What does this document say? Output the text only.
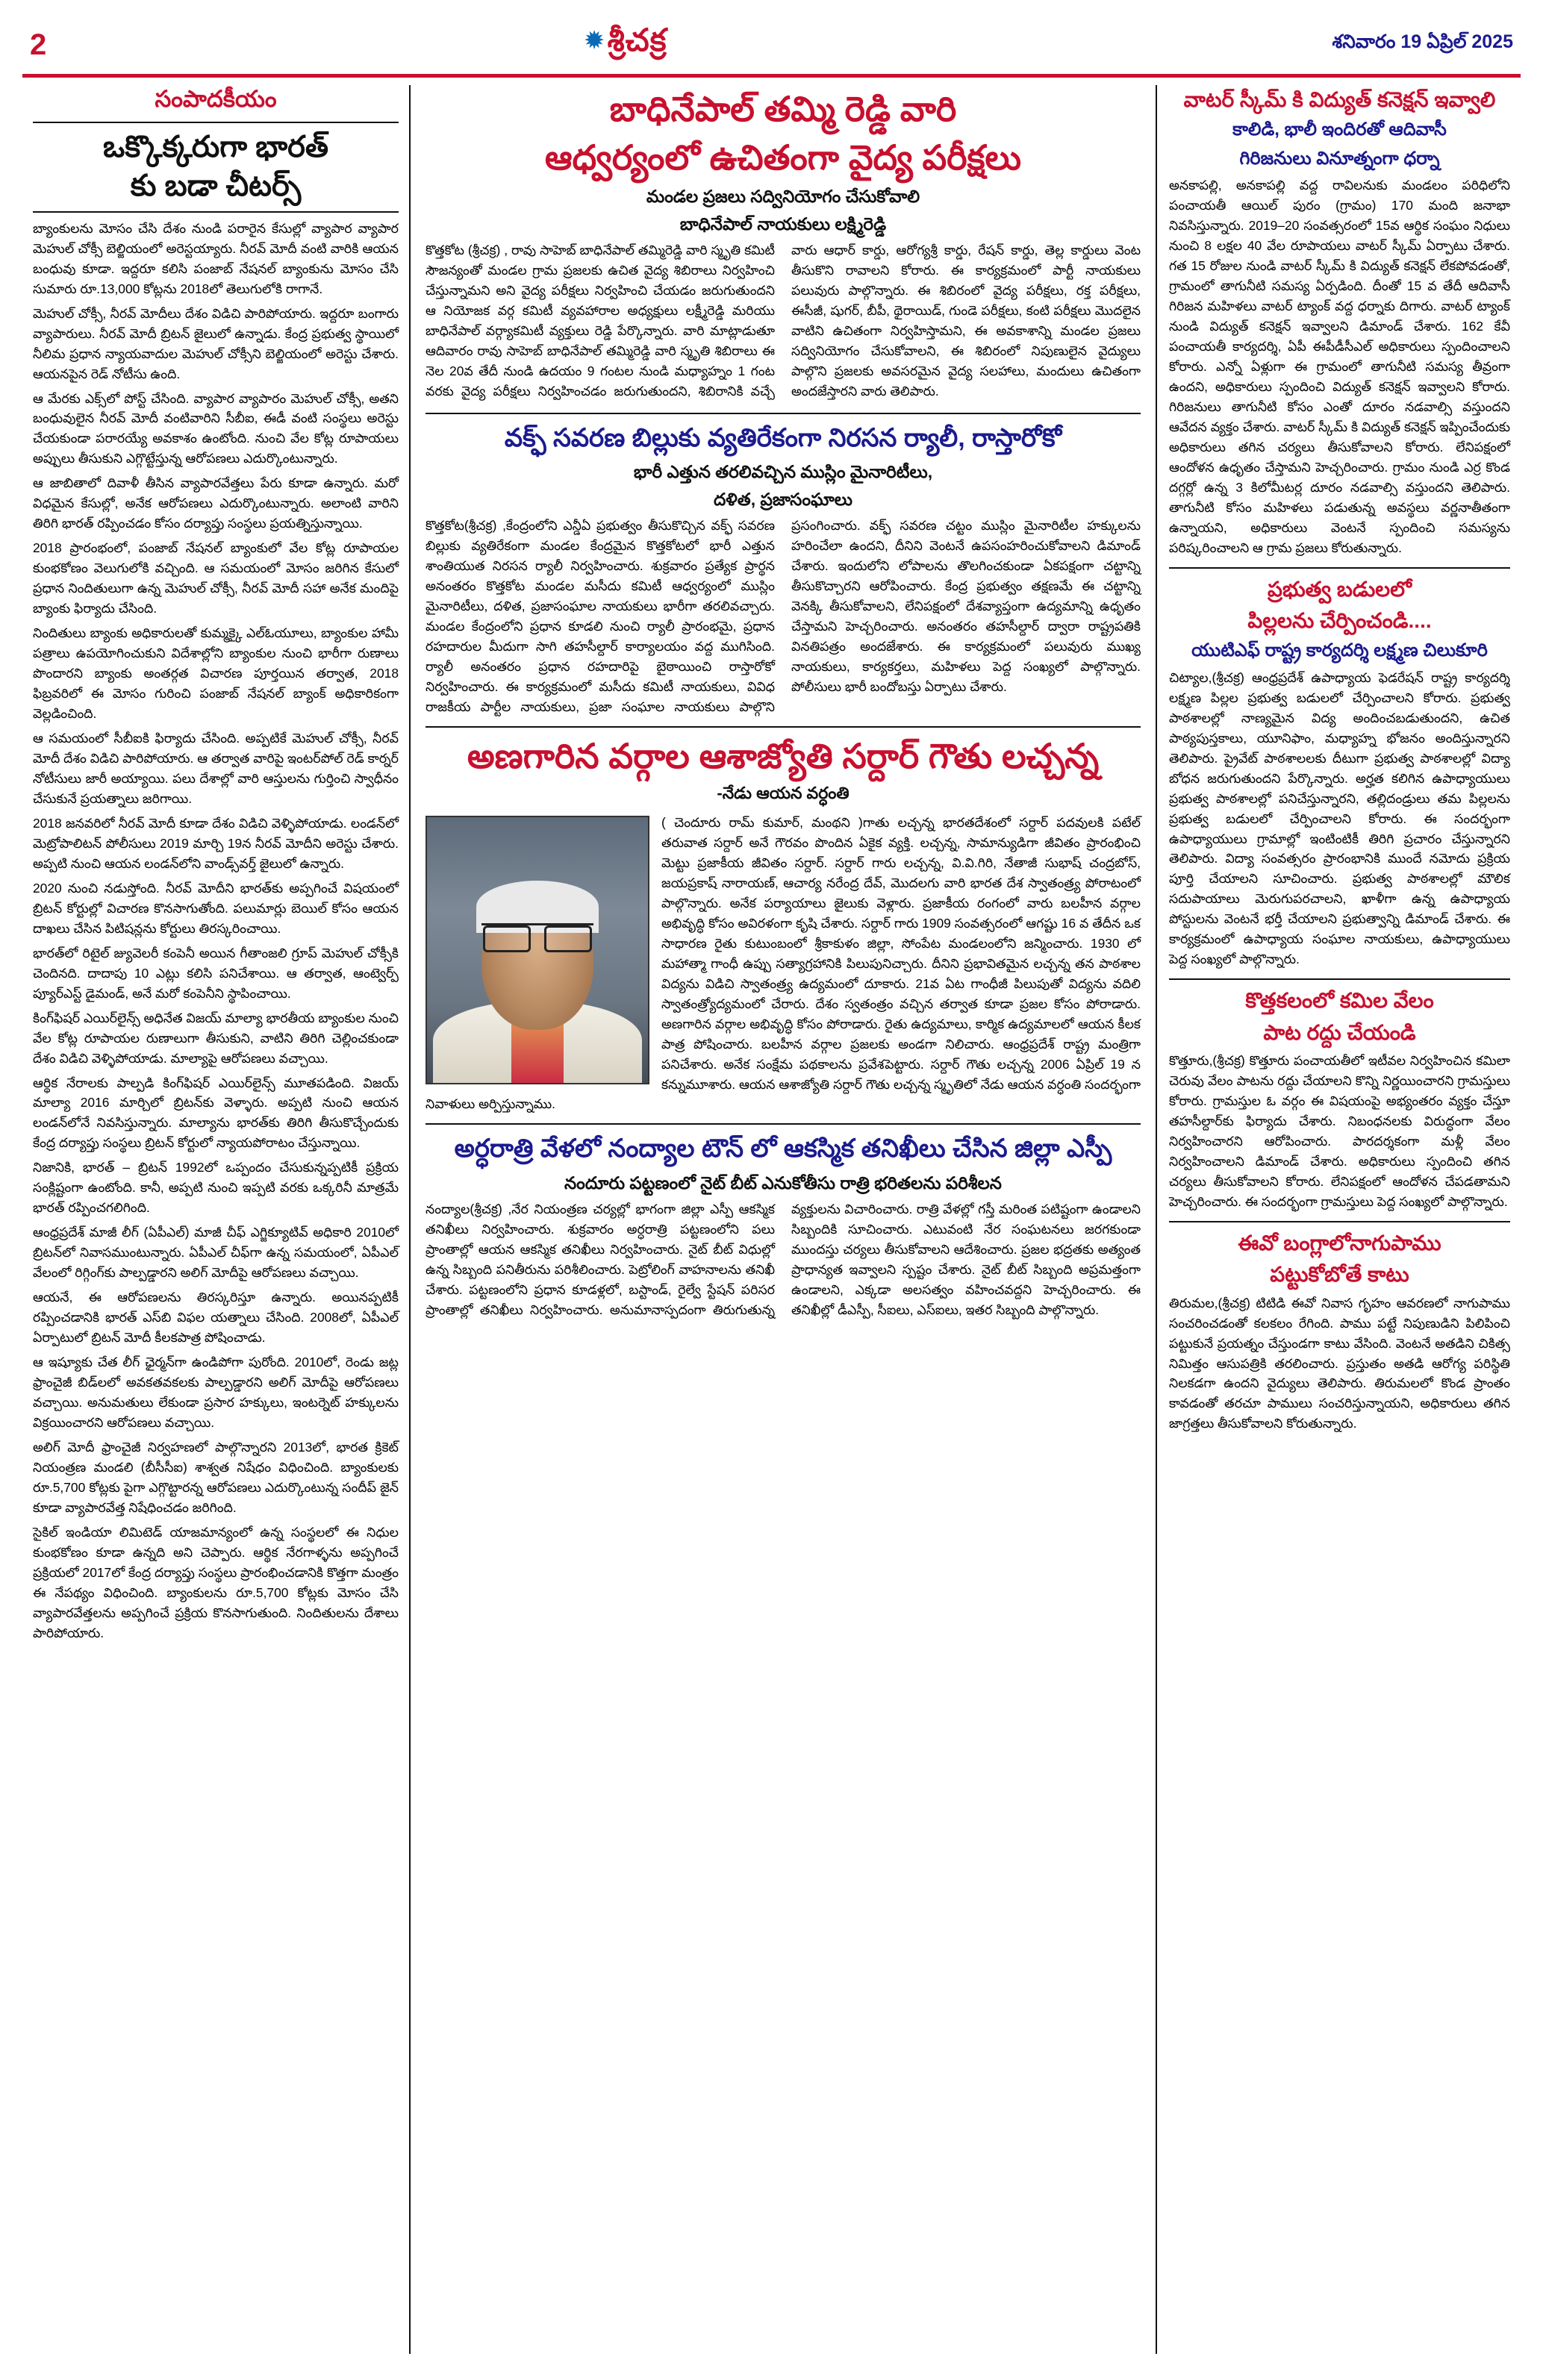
2	✹శ్రీచక్ర	శనివారం 19 ఏప్రిల్ 2025
సంపాదకీయం
ఒక్కొక్కరుగా భారత్
కు బడా చీటర్స్

బ్యాంకులను మోసం చేసి దేశం నుండి పరారైన కేసుల్లో వ్యాపార వ్యాపార మెహుల్ చోక్సీ బెల్జియంలో అరెస్టయ్యారు. నీరవ్ మోదీ వంటి వారికి ఆయన బంధువు కూడా. ఇద్దరూ కలిసి పంజాబ్ నేషనల్ బ్యాంకును మోసం చేసి సుమారు రూ.13,000 కోట్లను 2018లో తెలుగులోకి రాగానే.

మెహుల్ చోక్సీ, నీరవ్ మోదీలు దేశం విడిచి పారిపోయారు. ఇద్దరూ బంగారు వ్యాపారులు. నీరవ్ మోదీ బ్రిటన్ జైలులో ఉన్నాడు. కేంద్ర ప్రభుత్వ స్థాయిలో నీలిమ ప్రధాన న్యాయవాదుల మెహుల్ చోక్సీని బెల్జియంలో అరెస్టు చేశారు. ఆయనపైన రెడ్ నోటీసు ఉంది.

ఆ మేరకు ఎక్స్‌లో పోస్ట్ చేసింది. వ్యాపార వ్యాపారం మెహుల్ చోక్సీ, అతని బంధువులైన నీరవ్ మోదీ వంటివారిని సీబీఐ, ఈడీ వంటి సంస్థలు అరెస్టు చేయకుండా పరారయ్యే అవకాశం ఉంటోంది. నుంచి వేల కోట్ల రూపాయలు అప్పులు తీసుకుని ఎగ్గొట్టేస్తున్న ఆరోపణలు ఎదుర్కొంటున్నారు.

ఆ జాబితాలో దివాళీ తీసిన వ్యాపారవేత్తలు పేరు కూడా ఉన్నారు. మరో విధమైన కేసుల్లో, అనేక ఆరోపణలు ఎదుర్కొంటున్నారు. అలాంటి వారిని తిరిగి భారత్ రప్పించడం కోసం దర్యాప్తు సంస్థలు ప్రయత్నిస్తున్నాయి.

2018 ప్రారంభంలో, పంజాబ్ నేషనల్ బ్యాంకులో వేల కోట్ల రూపాయల కుంభకోణం వెలుగులోకి వచ్చింది. ఆ సమయంలో మోసం జరిగిన కేసులో ప్రధాన నిందితులుగా ఉన్న మెహుల్ చోక్సీ, నీరవ్ మోదీ సహా అనేక మందిపై బ్యాంకు ఫిర్యాదు చేసింది.

నిందితులు బ్యాంకు అధికారులతో కుమ్మక్కై ఎల్‌ఓయూలు, బ్యాంకుల హామీ పత్రాలు ఉపయోగించుకుని విదేశాల్లోని బ్యాంకుల నుంచి భారీగా రుణాలు పొందారని బ్యాంకు అంతర్గత విచారణ పూర్తయిన తర్వాత, 2018 ఫిబ్రవరిలో ఈ మోసం గురించి పంజాబ్ నేషనల్ బ్యాంక్ అధికారికంగా వెల్లడించింది.

ఆ సమయంలో సీబీఐకి ఫిర్యాదు చేసింది. అప్పటికే మెహుల్ చోక్సీ, నీరవ్ మోదీ దేశం విడిచి పారిపోయారు. ఆ తర్వాత వారిపై ఇంటర్‌పోల్ రెడ్ కార్నర్ నోటీసులు జారీ అయ్యాయి. పలు దేశాల్లో వారి ఆస్తులను గుర్తించి స్వాధీనం చేసుకునే ప్రయత్నాలు జరిగాయి.

2018 జనవరిలో నీరవ్ మోదీ కూడా దేశం విడిచి వెళ్ళిపోయాడు. లండన్‌లో మెట్రోపాలిటన్ పోలీసులు 2019 మార్చి 19న నీరవ్ మోదీని అరెస్టు చేశారు. అప్పటి నుంచి ఆయన లండన్‌లోని వాండ్స్‌వర్త్ జైలులో ఉన్నారు.

2020 నుంచి నడుస్తోంది. నీరవ్ మోదీని భారత్‌కు అప్పగించే విషయంలో బ్రిటన్ కోర్టుల్లో విచారణ కొనసాగుతోంది. పలుమార్లు బెయిల్ కోసం ఆయన దాఖలు చేసిన పిటిషన్లను కోర్టులు తిరస్కరించాయి.

భారత్‌లో రిటైల్ జ్యువెలరీ కంపెనీ అయిన గీతాంజలి గ్రూప్ మెహుల్ చోక్సీకి చెందినది. దాదాపు 10 ఎట్లు కలిసి పనిచేశాయి. ఆ తర్వాత, ఆంట్వెర్ప్ ప్యూర్ఎస్ట్ డైమండ్, అనే మరో కంపెనీని స్థాపించాయి.

కింగ్‌ఫిషర్ ఎయిర్‌లైన్స్ అధినేత విజయ్ మాల్యా భారతీయ బ్యాంకుల నుంచి వేల కోట్ల రూపాయల రుణాలుగా తీసుకుని, వాటిని తిరిగి చెల్లించకుండా దేశం విడిచి వెళ్ళిపోయాడు. మాల్యాపై ఆరోపణలు వచ్చాయి.

ఆర్థిక నేరాలకు పాల్పడి కింగ్‌ఫిషర్ ఎయిర్‌లైన్స్ మూతపడింది. విజయ్ మాల్యా 2016 మార్చిలో బ్రిటన్‌కు వెళ్ళారు. అప్పటి నుంచి ఆయన లండన్‌లోనే నివసిస్తున్నారు. మాల్యాను భారత్‌కు తిరిగి తీసుకొచ్చేందుకు కేంద్ర దర్యాప్తు సంస్థలు బ్రిటన్ కోర్టులో న్యాయపోరాటం చేస్తున్నాయి.

నిజానికి, భారత్ – బ్రిటన్ 1992లో ఒప్పందం చేసుకున్నప్పటికీ ప్రక్రియ సంక్లిష్టంగా ఉంటోంది. కానీ, అప్పటి నుంచి ఇప్పటి వరకు ఒక్కరినీ మాత్రమే భారత్ రప్పించగలిగింది.

ఆంధ్రప్రదేశ్ మాజీ లీగ్ (ఏపీఎల్) మాజీ చీఫ్ ఎగ్జిక్యూటివ్ అధికారి 2010లో బ్రిటన్‌లో నివాసముంటున్నారు. ఏపీఎల్ చీఫ్‌గా ఉన్న సమయంలో, ఏపీఎల్ వేలంలో రిగ్గింగ్‌కు పాల్పడ్డారని అలిగ్ మోదీపై ఆరోపణలు వచ్చాయి.

ఆయనే, ఈ ఆరోపణలను తిరస్కరిస్తూ ఉన్నారు. అయినప్పటికీ రప్పించడానికి భారత్ ఎస్‌బి విఫల యత్నాలు చేసింది. 2008లో, ఏపీఎల్ ఏర్పాటులో బ్రిటన్ మోదీ కీలకపాత్ర పోషించాడు.

ఆ ఇష్యూకు చేత లీగ్ ఛైర్మన్‌గా ఉండిపోగా పురోంది. 2010లో, రెండు జట్ల ఫ్రాంచైజీ బిడ్‌లలో అవకతవకలకు పాల్పడ్డారని అలిగ్ మోదీపై ఆరోపణలు వచ్చాయి. అనుమతులు లేకుండా ప్రసార హక్కులు, ఇంటర్నెట్ హక్కులను విక్రయించారని ఆరోపణలు వచ్చాయి.

అలిగ్ మోదీ ఫ్రాంచైజీ నిర్వహణలో పాల్గొన్నారని 2013లో, భారత క్రికెట్ నియంత్రణ మండలి (బీసీసీఐ) శాశ్వత నిషేధం విధించింది. బ్యాంకులకు రూ.5,700 కోట్లకు పైగా ఎగ్గొట్టారన్న ఆరోపణలు ఎదుర్కొంటున్న సందీప్ జైన్ కూడా వ్యాపారవేత్త నిషేధించడం జరిగింది.

సైకిల్ ఇండియా లిమిటెడ్ యాజమాన్యంలో ఉన్న సంస్థలలో ఈ నిధుల కుంభకోణం కూడా ఉన్నది అని చెప్పారు. ఆర్థిక నేరగాళ్ళను అప్పగించే ప్రక్రియలో 2017లో కేంద్ర దర్యాప్తు సంస్థలు ప్రారంభించడానికి కొత్తగా మంత్రం ఈ నేపథ్యం విధించింది. బ్యాంకులను రూ.5,700 కోట్లకు మోసం చేసి వ్యాపారవేత్తలను అప్పగించే ప్రక్రియ కొనసాగుతుంది. నిందితులను దేశాలు పారిపోయారు.

బాధినేపాల్ తమ్మి రెడ్డి వారి
ఆధ్వర్యంలో ఉచితంగా వైద్య పరీక్షలు
మండల ప్రజలు సద్వినియోగం చేసుకోవాలి
బాధినేపాల్ నాయకులు లక్ష్మిరెడ్డి

కొత్తకోట (శ్రీచక్ర) , రావు సాహెబ్ బాధినేపాల్ తమ్మిరెడ్డి వారి స్మృతి కమిటీ సౌజన్యంతో మండల గ్రామ ప్రజలకు ఉచిత వైద్య శిబిరాలు నిర్వహించి చేస్తున్నామని అని వైద్య పరీక్షలు నిర్వహించి చేయడం జరుగుతుందని ఆ నియోజక వర్గ కమిటీ వ్యవహారాల అధ్యక్షులు లక్ష్మీరెడ్డి మరియు బాధినేపాల్ వర్గ్యాకమిటీ వ్యక్తులు రెడ్డి పేర్కొన్నారు. వారి మాట్లాడుతూ ఆదివారం రావు సాహెబ్ బాధినేపాల్ తమ్మిరెడ్డి వారి స్మృతి శిబిరాలు ఈ నెల 20వ తేదీ నుండి ఉదయం 9 గంటల నుండి మధ్యాహ్నం 1 గంట వరకు వైద్య పరీక్షలు నిర్వహించడం జరుగుతుందని, శిబిరానికి వచ్చే వారు ఆధార్ కార్డు, ఆరోగ్యశ్రీ కార్డు, రేషన్ కార్డు, తెల్ల కార్డులు వెంట తీసుకొని రావాలని కోరారు. ఈ కార్యక్రమంలో పార్టీ నాయకులు పలువురు పాల్గొన్నారు. ఈ శిబిరంలో వైద్య పరీక్షలు, రక్త పరీక్షలు, ఈసీజీ, షుగర్, బీపీ, థైరాయిడ్, గుండె పరీక్షలు, కంటి పరీక్షలు మొదలైన వాటిని ఉచితంగా నిర్వహిస్తామని, ఈ అవకాశాన్ని మండల ప్రజలు సద్వినియోగం చేసుకోవాలని, ఈ శిబిరంలో నిపుణులైన వైద్యులు పాల్గొని ప్రజలకు అవసరమైన వైద్య సలహాలు, మందులు ఉచితంగా అందజేస్తారని వారు తెలిపారు.

వక్ఫ్ సవరణ బిల్లుకు వ్యతిరేకంగా నిరసన ర్యాలీ, రాస్తారోకో
భారీ ఎత్తున తరలివచ్చిన ముస్లిం మైనారిటీలు,
దళిత, ప్రజాసంఘాలు

కొత్తకోట(శ్రీచక్ర) ,కేంద్రంలోని ఎన్డీఏ ప్రభుత్వం తీసుకొచ్చిన వక్ఫ్ సవరణ బిల్లుకు వ్యతిరేకంగా మండల కేంద్రమైన కొత్తకోటలో భారీ ఎత్తున శాంతియుత నిరసన ర్యాలీ నిర్వహించారు. శుక్రవారం ప్రత్యేక ప్రార్థన అనంతరం కొత్తకోట మండల మసీదు కమిటీ ఆధ్వర్యంలో ముస్లిం మైనారిటీలు, దళిత, ప్రజాసంఘాల నాయకులు భారీగా తరలివచ్చారు. మండల కేంద్రంలోని ప్రధాన కూడలి నుంచి ర్యాలీ ప్రారంభమై, ప్రధాన రహదారుల మీదుగా సాగి తహసీల్దార్ కార్యాలయం వద్ద ముగిసింది. ర్యాలీ అనంతరం ప్రధాన రహదారిపై బైఠాయించి రాస్తారోకో నిర్వహించారు. ఈ కార్యక్రమంలో మసీదు కమిటీ నాయకులు, వివిధ రాజకీయ పార్టీల నాయకులు, ప్రజా సంఘాల నాయకులు పాల్గొని ప్రసంగించారు. వక్ఫ్ సవరణ చట్టం ముస్లిం మైనారిటీల హక్కులను హరించేలా ఉందని, దీనిని వెంటనే ఉపసంహరించుకోవాలని డిమాండ్ చేశారు. ఇందులోని లోపాలను తొలగించకుండా ఏకపక్షంగా చట్టాన్ని తీసుకొచ్చారని ఆరోపించారు. కేంద్ర ప్రభుత్వం తక్షణమే ఈ చట్టాన్ని వెనక్కి తీసుకోవాలని, లేనిపక్షంలో దేశవ్యాప్తంగా ఉద్యమాన్ని ఉధృతం చేస్తామని హెచ్చరించారు. అనంతరం తహసీల్దార్ ద్వారా రాష్ట్రపతికి వినతిపత్రం అందజేశారు. ఈ కార్యక్రమంలో పలువురు ముఖ్య నాయకులు, కార్యకర్తలు, మహిళలు పెద్ద సంఖ్యలో పాల్గొన్నారు. పోలీసులు భారీ బందోబస్తు ఏర్పాటు చేశారు.

అణగారిన వర్గాల ఆశాజ్యోతి సర్దార్ గౌతు లచ్చన్న
-నేడు ఆయన వర్ధంతి

( చెందూరు రామ్ కుమార్, మంథని )గాతు లచ్చన్న భారతదేశంలో సర్దార్ పదవులకి పటేల్ తరువాత సర్దార్ అనే గౌరవం పొందిన ఏకైక వ్యక్తి. లచ్చన్న, సామాన్యుడిగా జీవితం ప్రారంభించి మెట్టు ప్రజాకీయ జీవితం సర్దార్. సర్దార్ గారు లచ్చన్న, వి.వి.గిరి, నేతాజీ సుభాష్ చంద్రబోస్, జయప్రకాష్ నారాయణ్, ఆచార్య నరేంద్ర దేవ్, మొదలగు వారి భారత దేశ స్వాతంత్ర్య పోరాటంలో పాల్గొన్నారు. అనేక పర్యాయాలు జైలుకు వెళ్లారు. ప్రజాకీయ రంగంలో వారు బలహీన వర్గాల అభివృద్ధి కోసం అవిరళంగా కృషి చేశారు. సర్దార్ గారు 1909 సంవత్సరంలో ఆగష్టు 16 వ తేదీన ఒక సాధారణ రైతు కుటుంబంలో శ్రీకాకుళం జిల్లా, సోంపేట మండలంలోని జన్మించారు. 1930 లో మహాత్మా గాంధీ ఉప్పు సత్యాగ్రహానికి పిలుపునిచ్చారు. దీనిని ప్రభావితమైన లచ్చన్న తన పాఠశాల విద్యను విడిచి స్వాతంత్ర్య ఉద్యమంలో దూకారు. 21వ ఏట గాంధీజీ పిలుపుతో విద్యను వదిలి స్వాతంత్ర్యోద్యమంలో చేరారు. దేశం స్వతంత్రం వచ్చిన తర్వాత కూడా ప్రజల కోసం పోరాడారు. అణగారిన వర్గాల అభివృద్ధి కోసం పోరాడారు. రైతు ఉద్యమాలు, కార్మిక ఉద్యమాలలో ఆయన కీలక పాత్ర పోషించారు. బలహీన వర్గాల ప్రజలకు అండగా నిలిచారు. ఆంధ్రప్రదేశ్ రాష్ట్ర మంత్రిగా పనిచేశారు. అనేక సంక్షేమ పథకాలను ప్రవేశపెట్టారు. సర్దార్ గౌతు లచ్చన్న 2006 ఏప్రిల్ 19 న కన్నుమూశారు. ఆయన ఆశాజ్యోతి సర్దార్ గౌతు లచ్చన్న స్మృతిలో నేడు ఆయన వర్ధంతి సందర్భంగా నివాళులు అర్పిస్తున్నాము.

అర్ధరాత్రి వేళలో నంద్యాల టౌన్ లో ఆకస్మిక తనిఖీలు చేసిన జిల్లా ఎస్పీ
నందూరు పట్టణంలో నైట్ బీట్ ఎనుకోతీసు రాత్రి భరితలను పరిశీలన

నంద్యాల(శ్రీచక్ర) ,నేర నియంత్రణ చర్యల్లో భాగంగా జిల్లా ఎస్పీ ఆకస్మిక తనిఖీలు నిర్వహించారు. శుక్రవారం అర్ధరాత్రి పట్టణంలోని పలు ప్రాంతాల్లో ఆయన ఆకస్మిక తనిఖీలు నిర్వహించారు. నైట్ బీట్ విధుల్లో ఉన్న సిబ్బంది పనితీరును పరిశీలించారు. పెట్రోలింగ్ వాహనాలను తనిఖీ చేశారు. పట్టణంలోని ప్రధాన కూడళ్లలో, బస్టాండ్, రైల్వే స్టేషన్ పరిసర ప్రాంతాల్లో తనిఖీలు నిర్వహించారు. అనుమానాస్పదంగా తిరుగుతున్న వ్యక్తులను విచారించారు. రాత్రి వేళల్లో గస్తీ మరింత పటిష్టంగా ఉండాలని సిబ్బందికి సూచించారు. ఎటువంటి నేర సంఘటనలు జరగకుండా ముందస్తు చర్యలు తీసుకోవాలని ఆదేశించారు. ప్రజల భద్రతకు అత్యంత ప్రాధాన్యత ఇవ్వాలని స్పష్టం చేశారు. నైట్ బీట్ సిబ్బంది అప్రమత్తంగా ఉండాలని, ఎక్కడా అలసత్వం వహించవద్దని హెచ్చరించారు. ఈ తనిఖీల్లో డీఎస్పీ, సీఐలు, ఎస్ఐలు, ఇతర సిబ్బంది పాల్గొన్నారు.

వాటర్ స్కీమ్ కి విద్యుత్ కనెక్షన్ ఇవ్వాలి
కాలిడి, భాలీ ఇందిరతో ఆదివాసీ
గిరిజనులు వినూత్నంగా ధర్నా

అనకాపల్లి, అనకాపల్లి వద్ద రావిలనుకు మండలం పరిధిలోని పంచాయతీ ఆయిల్ పురం (గ్రామం) 170 మంది జనాభా నివసిస్తున్నారు. 2019–20 సంవత్సరంలో 15వ ఆర్థిక సంఘం నిధులు నుంచి 8 లక్షల 40 వేల రూపాయలు వాటర్ స్కీమ్ ఏర్పాటు చేశారు. గత 15 రోజుల నుండి వాటర్ స్కీమ్ కి విద్యుత్ కనెక్షన్ లేకపోవడంతో, గ్రామంలో తాగునీటి సమస్య ఏర్పడింది. దీంతో 15 వ తేదీ ఆదివాసీ గిరిజన మహిళలు వాటర్ ట్యాంక్ వద్ద ధర్నాకు దిగారు. వాటర్ ట్యాంక్ నుండి విద్యుత్ కనెక్షన్ ఇవ్వాలని డిమాండ్ చేశారు. 162 కేవీ పంచాయతీ కార్యదర్శి, ఏపీ ఈపీడీసీఎల్ అధికారులు స్పందించాలని కోరారు. ఎన్నో ఏళ్లుగా ఈ గ్రామంలో తాగునీటి సమస్య తీవ్రంగా ఉందని, అధికారులు స్పందించి విద్యుత్ కనెక్షన్ ఇవ్వాలని కోరారు. గిరిజనులు తాగునీటి కోసం ఎంతో దూరం నడవాల్సి వస్తుందని ఆవేదన వ్యక్తం చేశారు. వాటర్ స్కీమ్ కి విద్యుత్ కనెక్షన్ ఇప్పించేందుకు అధికారులు తగిన చర్యలు తీసుకోవాలని కోరారు. లేనిపక్షంలో ఆందోళన ఉధృతం చేస్తామని హెచ్చరించారు. గ్రామం నుండి ఎర్ర కొండ దగ్గర్లో ఉన్న 3 కిలోమీటర్ల దూరం నడవాల్సి వస్తుందని తెలిపారు. తాగునీటి కోసం మహిళలు పడుతున్న అవస్థలు వర్ణనాతీతంగా ఉన్నాయని, అధికారులు వెంటనే స్పందించి సమస్యను పరిష్కరించాలని ఆ గ్రామ ప్రజలు కోరుతున్నారు.

ప్రభుత్వ బడులలో
పిల్లలను చేర్పించండి....
యుటిఎఫ్ రాష్ట్ర కార్యదర్శి లక్ష్మణ చిలుకూరి

చిట్యాల,(శ్రీచక్ర) ఆంధ్రప్రదేశ్ ఉపాధ్యాయ ఫెడరేషన్ రాష్ట్ర కార్యదర్శి లక్ష్మణ పిల్లల ప్రభుత్వ బడులలో చేర్పించాలని కోరారు. ప్రభుత్వ పాఠశాలల్లో నాణ్యమైన విద్య అందించబడుతుందని, ఉచిత పాఠ్యపుస్తకాలు, యూనిఫాం, మధ్యాహ్న భోజనం అందిస్తున్నారని తెలిపారు. ప్రైవేట్ పాఠశాలలకు దీటుగా ప్రభుత్వ పాఠశాలల్లో విద్యా బోధన జరుగుతుందని పేర్కొన్నారు. అర్హత కలిగిన ఉపాధ్యాయులు ప్రభుత్వ పాఠశాలల్లో పనిచేస్తున్నారని, తల్లిదండ్రులు తమ పిల్లలను ప్రభుత్వ బడులలో చేర్పించాలని కోరారు. ఈ సందర్భంగా ఉపాధ్యాయులు గ్రామాల్లో ఇంటింటికీ తిరిగి ప్రచారం చేస్తున్నారని తెలిపారు. విద్యా సంవత్సరం ప్రారంభానికి ముందే నమోదు ప్రక్రియ పూర్తి చేయాలని సూచించారు. ప్రభుత్వ పాఠశాలల్లో మౌలిక సదుపాయాలు మెరుగుపరచాలని, ఖాళీగా ఉన్న ఉపాధ్యాయ పోస్టులను వెంటనే భర్తీ చేయాలని ప్రభుత్వాన్ని డిమాండ్ చేశారు. ఈ కార్యక్రమంలో ఉపాధ్యాయ సంఘాల నాయకులు, ఉపాధ్యాయులు పెద్ద సంఖ్యలో పాల్గొన్నారు.

కొత్తకలంలో కమిల వేలం
పాట రద్దు చేయండి

కొత్తూరు,(శ్రీచక్ర) కొత్తూరు పంచాయతీలో ఇటీవల నిర్వహించిన కమిలా చెరువు వేలం పాటను రద్దు చేయాలని కొన్ని నిర్ణయించారని గ్రామస్తులు కోరారు. గ్రామస్తుల ఓ వర్గం ఈ విషయంపై అభ్యంతరం వ్యక్తం చేస్తూ తహసీల్దార్‌కు ఫిర్యాదు చేశారు. నిబంధనలకు విరుద్ధంగా వేలం నిర్వహించారని ఆరోపించారు. పారదర్శకంగా మళ్లీ వేలం నిర్వహించాలని డిమాండ్ చేశారు. అధికారులు స్పందించి తగిన చర్యలు తీసుకోవాలని కోరారు. లేనిపక్షంలో ఆందోళన చేపడతామని హెచ్చరించారు. ఈ సందర్భంగా గ్రామస్తులు పెద్ద సంఖ్యలో పాల్గొన్నారు.

ఈవో బంగ్లాలోనాగుపాము
పట్టుకోబోతే కాటు

తిరుమల,(శ్రీచక్ర) టిటిడి ఈవో నివాస గృహం ఆవరణలో నాగుపాము సంచరించడంతో కలకలం రేగింది. పాము పట్టే నిపుణుడిని పిలిపించి పట్టుకునే ప్రయత్నం చేస్తుండగా కాటు వేసింది. వెంటనే అతడిని చికిత్స నిమిత్తం ఆసుపత్రికి తరలించారు. ప్రస్తుతం అతడి ఆరోగ్య పరిస్థితి నిలకడగా ఉందని వైద్యులు తెలిపారు. తిరుమలలో కొండ ప్రాంతం కావడంతో తరచూ పాములు సంచరిస్తున్నాయని, అధికారులు తగిన జాగ్రత్తలు తీసుకోవాలని కోరుతున్నారు.
